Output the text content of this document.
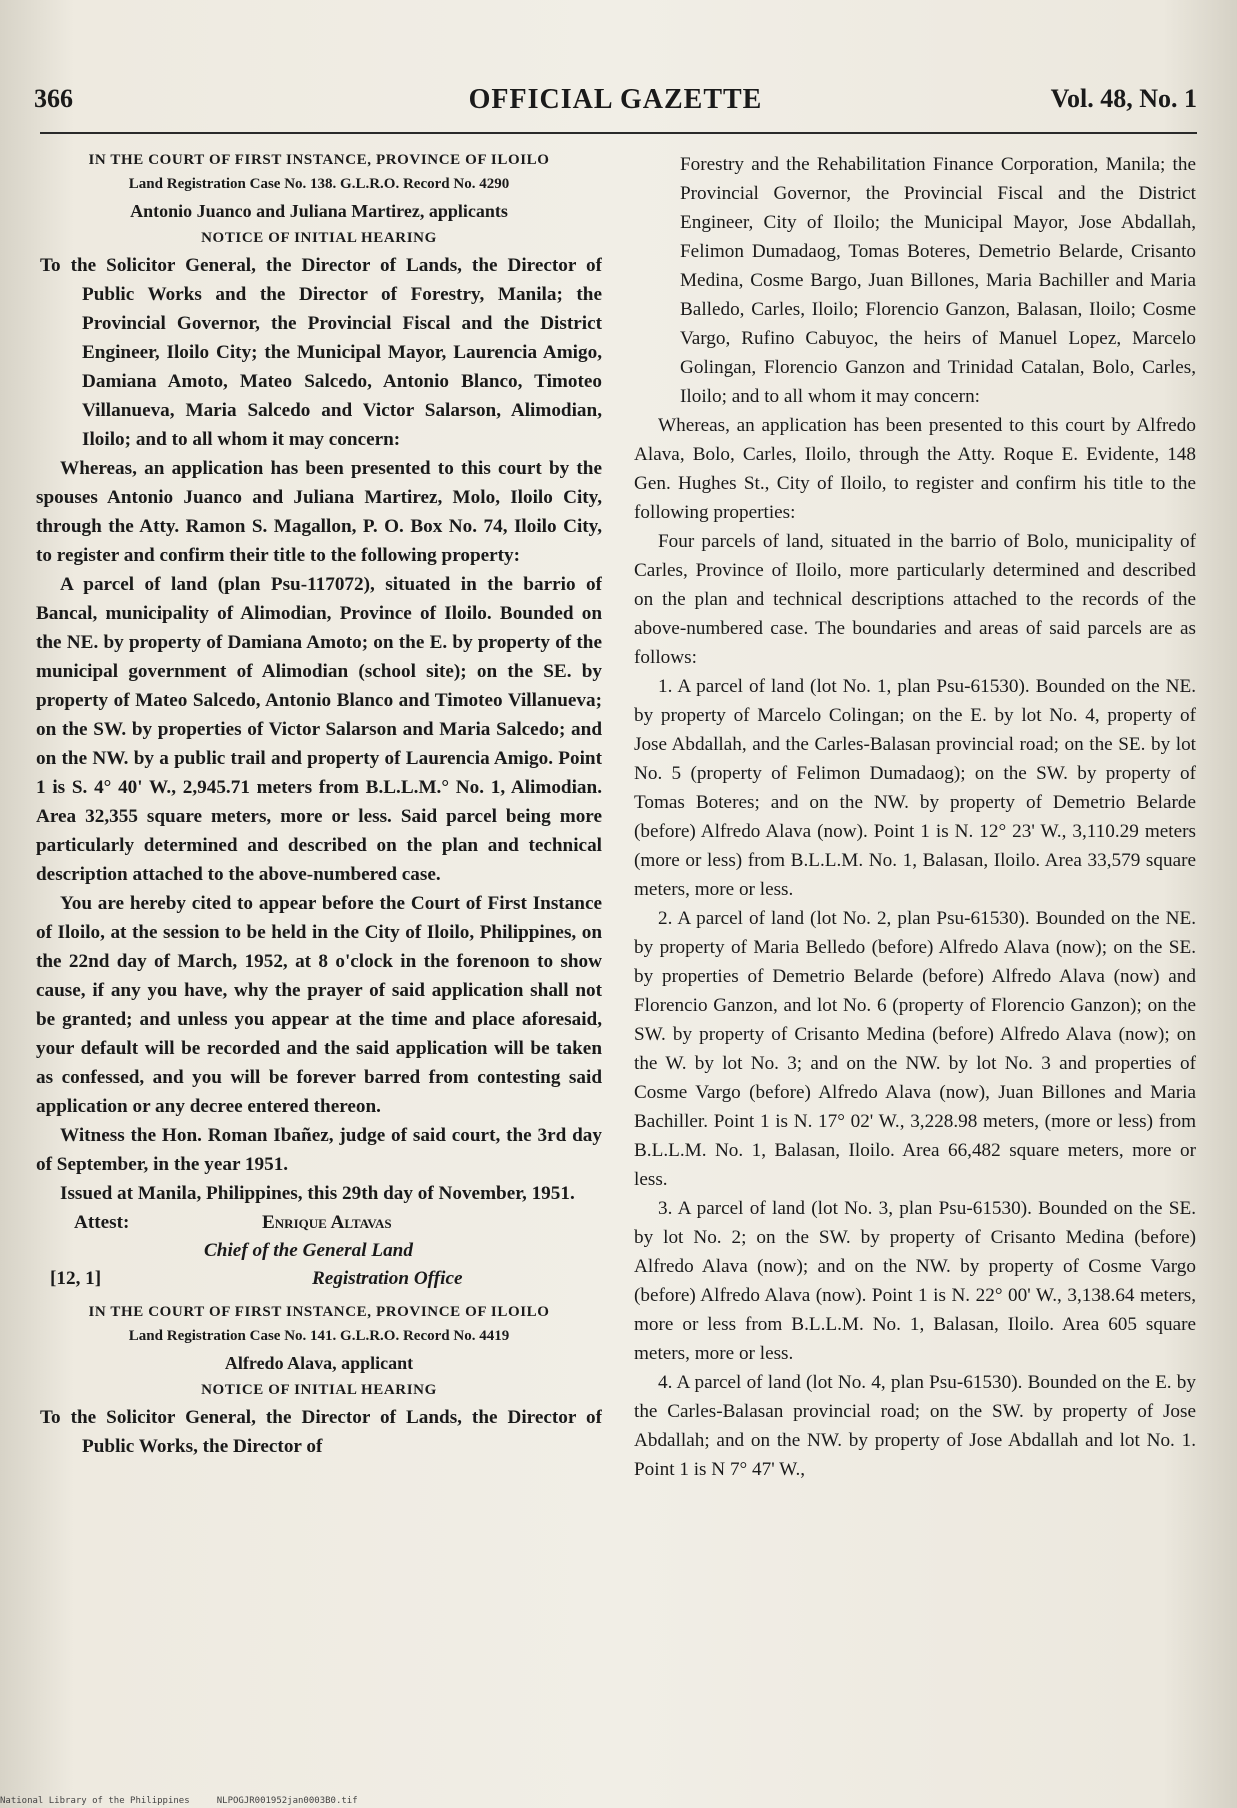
366	OFFICIAL GAZETTE	Vol. 48, No. 1

IN THE COURT OF FIRST INSTANCE, PROVINCE OF ILOILO

Land Registration Case No. 138. G.L.R.O. Record No. 4290

Antonio Juanco and Juliana Martirez, applicants

NOTICE OF INITIAL HEARING

To the Solicitor General, the Director of Lands, the Director of Public Works and the Director of Forestry, Manila; the Provincial Governor, the Provincial Fiscal and the District Engineer, Iloilo City; the Municipal Mayor, Laurencia Amigo, Damiana Amoto, Mateo Salcedo, Antonio Blanco, Timoteo Villanueva, Maria Salcedo and Victor Salarson, Alimodian, Iloilo; and to all whom it may concern:

Whereas, an application has been presented to this court by the spouses Antonio Juanco and Juliana Martirez, Molo, Iloilo City, through the Atty. Ramon S. Magallon, P. O. Box No. 74, Iloilo City, to register and confirm their title to the following property:

A parcel of land (plan Psu-117072), situated in the barrio of Bancal, municipality of Alimodian, Province of Iloilo. Bounded on the NE. by property of Damiana Amoto; on the E. by property of the municipal government of Alimodian (school site); on the SE. by property of Mateo Salcedo, Antonio Blanco and Timoteo Villanueva; on the SW. by properties of Victor Salarson and Maria Salcedo; and on the NW. by a public trail and property of Laurencia Amigo. Point 1 is S. 4° 40' W., 2,945.71 meters from B.L.L.M.° No. 1, Alimodian. Area 32,355 square meters, more or less. Said parcel being more particularly determined and described on the plan and technical description attached to the above-numbered case.

You are hereby cited to appear before the Court of First Instance of Iloilo, at the session to be held in the City of Iloilo, Philippines, on the 22nd day of March, 1952, at 8 o'clock in the forenoon to show cause, if any you have, why the prayer of said application shall not be granted; and unless you appear at the time and place aforesaid, your default will be recorded and the said application will be taken as confessed, and you will be forever barred from contesting said application or any decree entered thereon.

Witness the Hon. Roman Ibañez, judge of said court, the 3rd day of September, in the year 1951.

Issued at Manila, Philippines, this 29th day of November, 1951.

Attest:	Enrique Altavas
Chief of the General Land
[12, 1]	Registration Office

IN THE COURT OF FIRST INSTANCE, PROVINCE OF ILOILO

Land Registration Case No. 141. G.L.R.O. Record No. 4419

Alfredo Alava, applicant

NOTICE OF INITIAL HEARING

To the Solicitor General, the Director of Lands, the Director of Public Works, the Director of

Forestry and the Rehabilitation Finance Corporation, Manila; the Provincial Governor, the Provincial Fiscal and the District Engineer, City of Iloilo; the Municipal Mayor, Jose Abdallah, Felimon Dumadaog, Tomas Boteres, Demetrio Belarde, Crisanto Medina, Cosme Bargo, Juan Billones, Maria Bachiller and Maria Balledo, Carles, Iloilo; Florencio Ganzon, Balasan, Iloilo; Cosme Vargo, Rufino Cabuyoc, the heirs of Manuel Lopez, Marcelo Golingan, Florencio Ganzon and Trinidad Catalan, Bolo, Carles, Iloilo; and to all whom it may concern:

Whereas, an application has been presented to this court by Alfredo Alava, Bolo, Carles, Iloilo, through the Atty. Roque E. Evidente, 148 Gen. Hughes St., City of Iloilo, to register and confirm his title to the following properties:

Four parcels of land, situated in the barrio of Bolo, municipality of Carles, Province of Iloilo, more particularly determined and described on the plan and technical descriptions attached to the records of the above-numbered case. The boundaries and areas of said parcels are as follows:

1. A parcel of land (lot No. 1, plan Psu-61530). Bounded on the NE. by property of Marcelo Colingan; on the E. by lot No. 4, property of Jose Abdallah, and the Carles-Balasan provincial road; on the SE. by lot No. 5 (property of Felimon Dumadaog); on the SW. by property of Tomas Boteres; and on the NW. by property of Demetrio Belarde (before) Alfredo Alava (now). Point 1 is N. 12° 23' W., 3,110.29 meters (more or less) from B.L.L.M. No. 1, Balasan, Iloilo. Area 33,579 square meters, more or less.

2. A parcel of land (lot No. 2, plan Psu-61530). Bounded on the NE. by property of Maria Belledo (before) Alfredo Alava (now); on the SE. by properties of Demetrio Belarde (before) Alfredo Alava (now) and Florencio Ganzon, and lot No. 6 (property of Florencio Ganzon); on the SW. by property of Crisanto Medina (before) Alfredo Alava (now); on the W. by lot No. 3; and on the NW. by lot No. 3 and properties of Cosme Vargo (before) Alfredo Alava (now), Juan Billones and Maria Bachiller. Point 1 is N. 17° 02' W., 3,228.98 meters, (more or less) from B.L.L.M. No. 1, Balasan, Iloilo. Area 66,482 square meters, more or less.

3. A parcel of land (lot No. 3, plan Psu-61530). Bounded on the SE. by lot No. 2; on the SW. by property of Crisanto Medina (before) Alfredo Alava (now); and on the NW. by property of Cosme Vargo (before) Alfredo Alava (now). Point 1 is N. 22° 00' W., 3,138.64 meters, more or less from B.L.L.M. No. 1, Balasan, Iloilo. Area 605 square meters, more or less.

4. A parcel of land (lot No. 4, plan Psu-61530). Bounded on the E. by the Carles-Balasan provincial road; on the SW. by property of Jose Abdallah; and on the NW. by property of Jose Abdallah and lot No. 1. Point 1 is N 7° 47' W.,

National Library of the Philippines     NLPOGJR001952jan0003B0.tif
